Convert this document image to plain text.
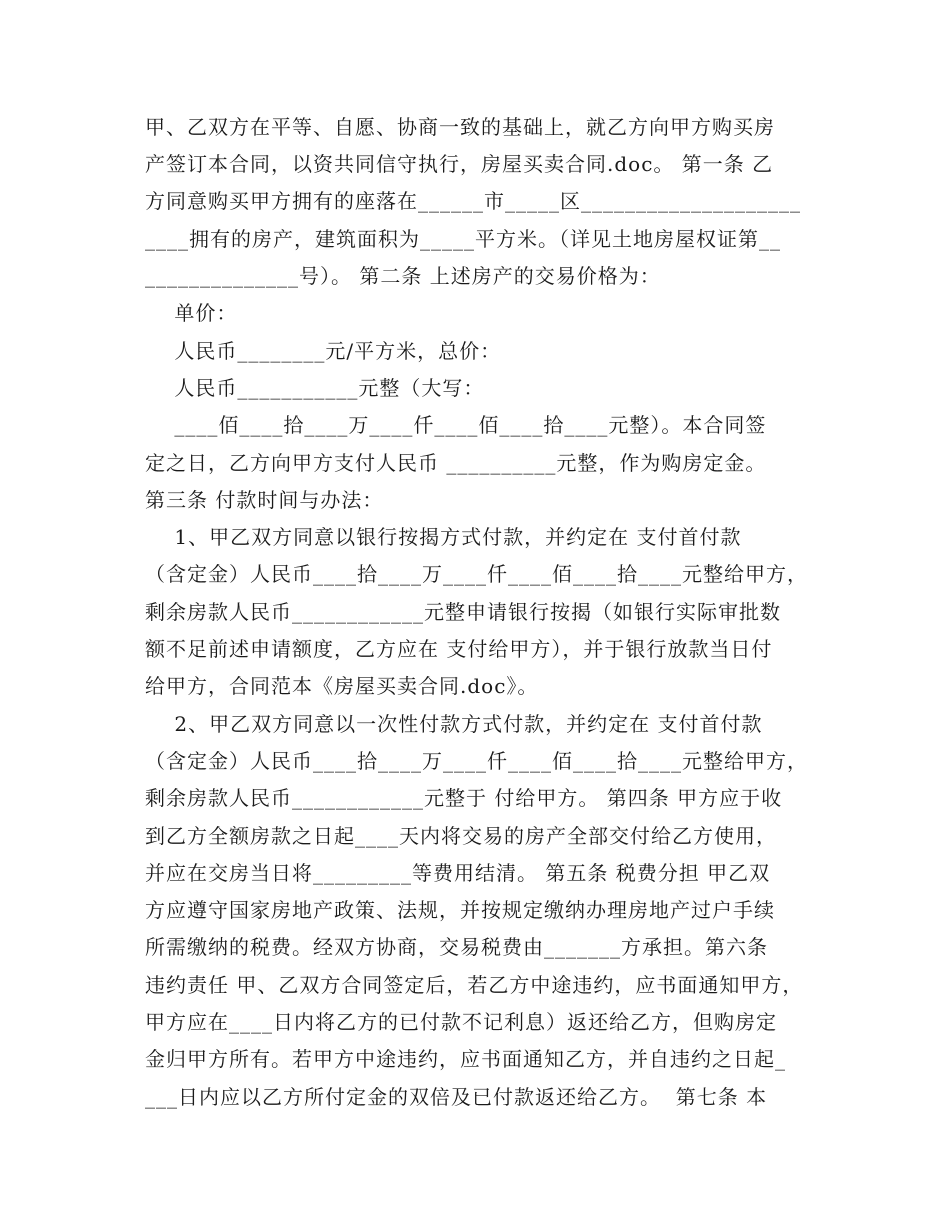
甲、乙双方在平等、自愿、协商一致的基础上，就乙方向甲方购买房

产签订本合同，以资共同信守执行，房屋买卖合同.doc。 第一条 乙

方同意购买甲方拥有的座落在______市_____区____________________

____拥有的房产，建筑面积为_____平方米。（详见土地房屋权证第__

______________号）。 第二条 上述房产的交易价格为：

单价：

人民币________元/平方米，总价：

人民币___________元整（大写：

____佰____拾____万____仟____佰____拾____元整）。本合同签

定之日，乙方向甲方支付人民币 __________元整，作为购房定金。

第三条 付款时间与办法：

1、甲乙双方同意以银行按揭方式付款，并约定在 支付首付款

（含定金）人民币____拾____万____仟____佰____拾____元整给甲方，

剩余房款人民币____________元整申请银行按揭（如银行实际审批数

额不足前述申请额度，乙方应在 支付给甲方），并于银行放款当日付

给甲方，合同范本《房屋买卖合同.doc》。

2、甲乙双方同意以一次性付款方式付款，并约定在 支付首付款

（含定金）人民币____拾____万____仟____佰____拾____元整给甲方，

剩余房款人民币____________元整于 付给甲方。 第四条 甲方应于收

到乙方全额房款之日起____天内将交易的房产全部交付给乙方使用，

并应在交房当日将_________等费用结清。 第五条 税费分担 甲乙双

方应遵守国家房地产政策、法规，并按规定缴纳办理房地产过户手续

所需缴纳的税费。经双方协商，交易税费由_______方承担。第六条

违约责任 甲、乙双方合同签定后，若乙方中途违约，应书面通知甲方，

甲方应在____日内将乙方的已付款不记利息）返还给乙方，但购房定

金归甲方所有。若甲方中途违约，应书面通知乙方，并自违约之日起_

___日内应以乙方所付定金的双倍及已付款返还给乙方。  第七条 本
